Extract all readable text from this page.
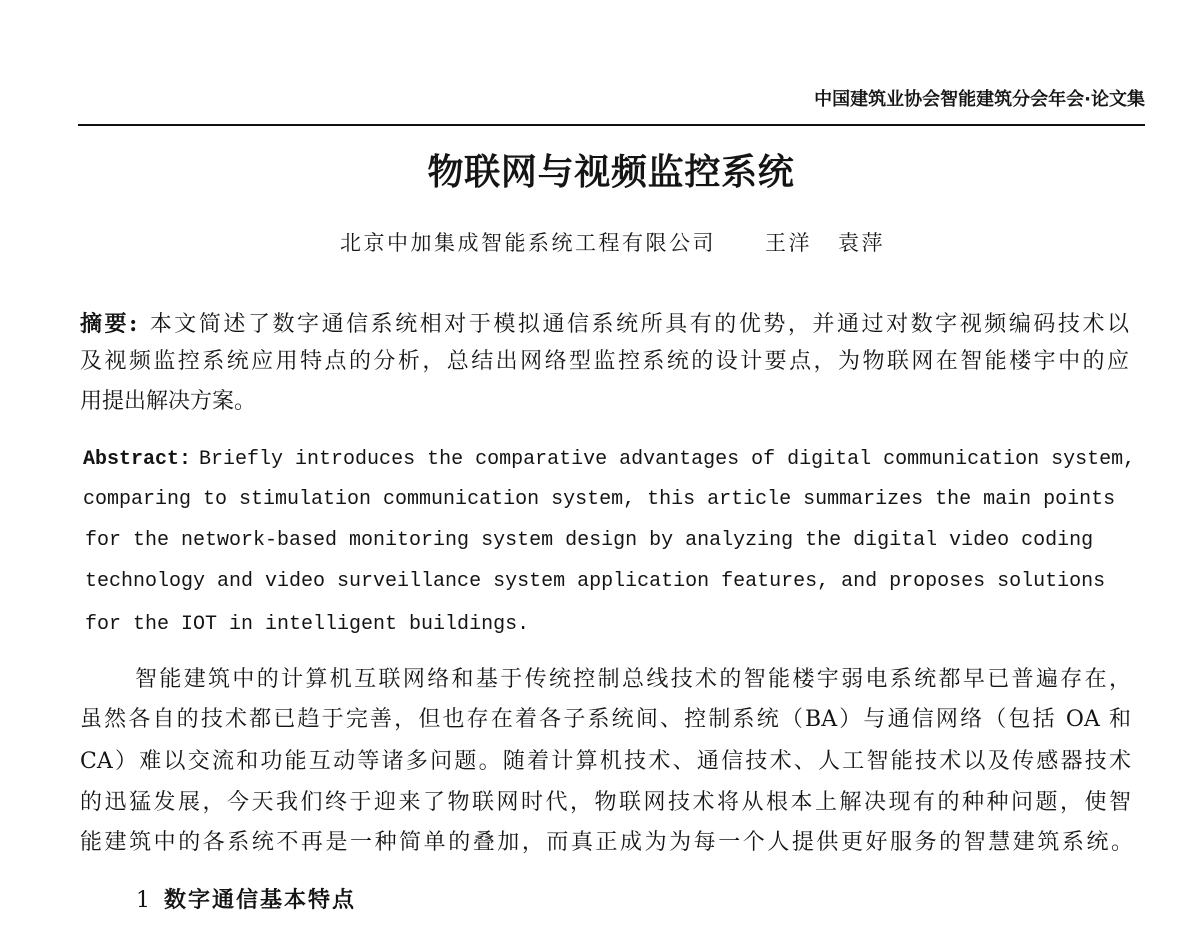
中国建筑业协会智能建筑分会年会·论文集
物联网与视频监控系统
北京中加集成智能系统工程有限公司 王洋 袁萍
摘要: 本文简述了数字通信系统相对于模拟通信系统所具有的优势，并通过对数字视频编码技术以
及视频监控系统应用特点的分析，总结出网络型监控系统的设计要点，为物联网在智能楼宇中的应
用提出解决方案。
Abstract: Briefly introduces the comparative advantages of digital communication system,
comparing to stimulation communication system, this article summarizes the main points
for the network-based monitoring system design by analyzing the digital video coding
technology and video surveillance system application features, and proposes solutions
for the IOT in intelligent buildings.
智能建筑中的计算机互联网络和基于传统控制总线技术的智能楼宇弱电系统都早已普遍存在，
虽然各自的技术都已趋于完善，但也存在着各子系统间、控制系统（BA）与通信网络（包括 OA 和
CA）难以交流和功能互动等诸多问题。随着计算机技术、通信技术、人工智能技术以及传感器技术
的迅猛发展，今天我们终于迎来了物联网时代，物联网技术将从根本上解决现有的种种问题，使智
能建筑中的各系统不再是一种简单的叠加，而真正成为为每一个人提供更好服务的智慧建筑系统。
1 数字通信基本特点
